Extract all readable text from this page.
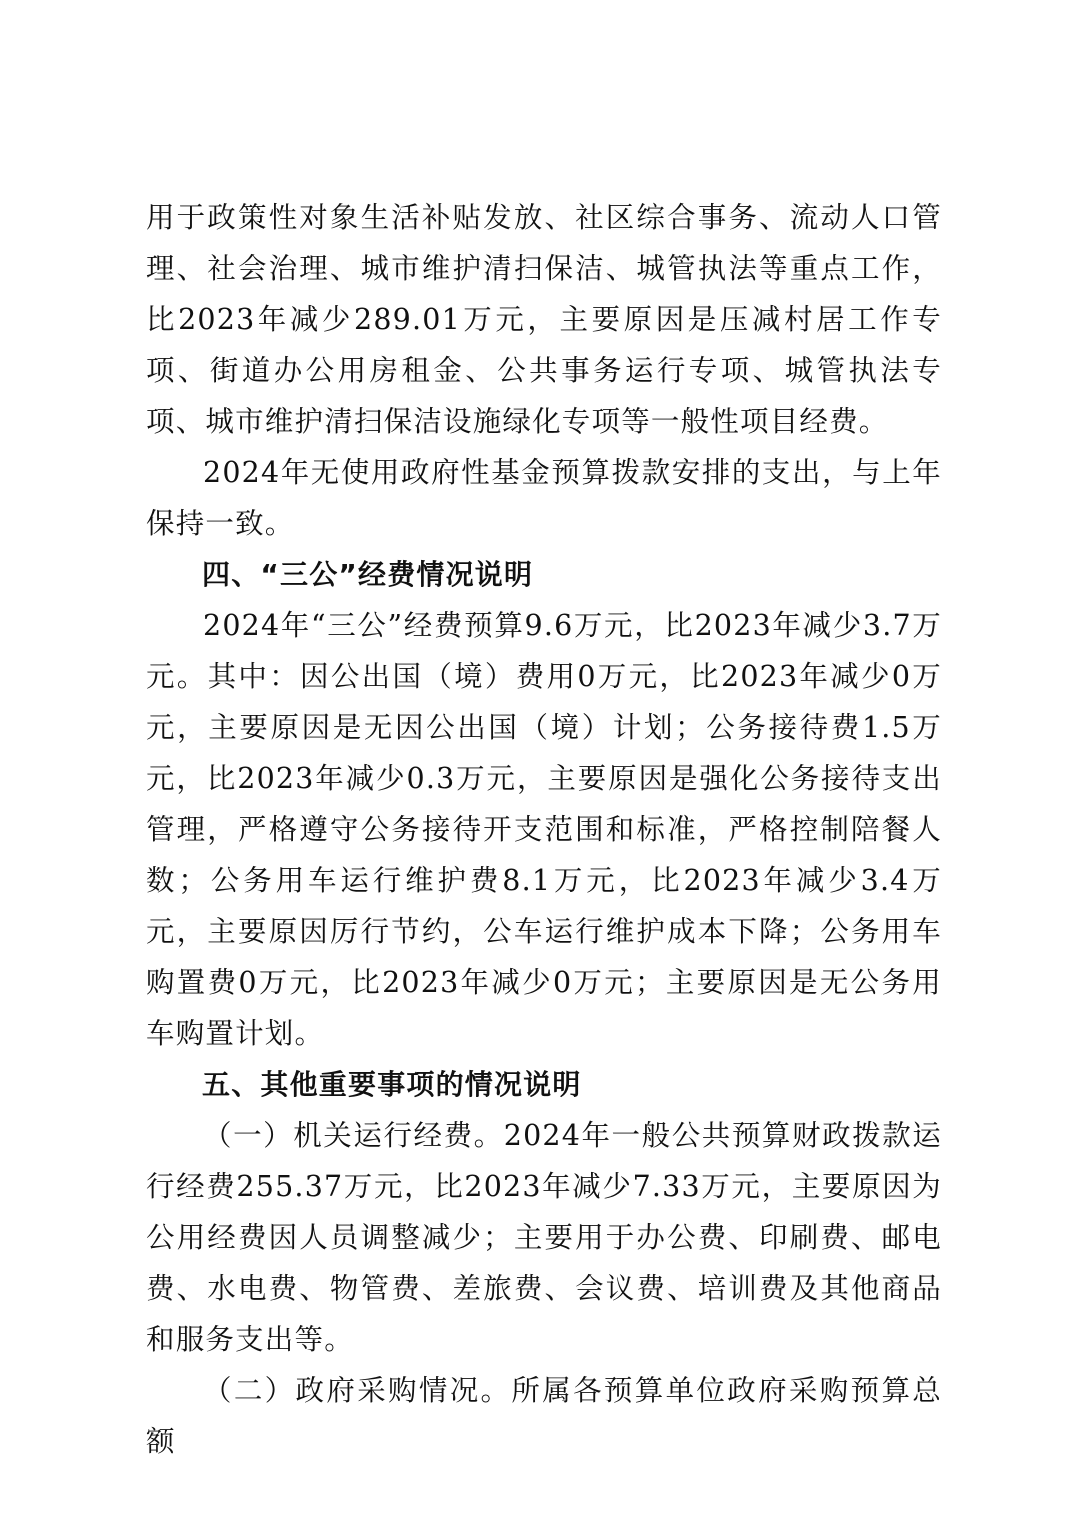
用于政策性对象生活补贴发放、社区综合事务、流动人口管理、社会治理、城市维护清扫保洁、城管执法等重点工作，比2023年减少289.01万元，主要原因是压减村居工作专项、街道办公用房租金、公共事务运行专项、城管执法专项、城市维护清扫保洁设施绿化专项等一般性项目经费。

2024年无使用政府性基金预算拨款安排的支出，与上年保持一致。

四、“三公”经费情况说明

2024年“三公”经费预算9.6万元，比2023年减少3.7万元。其中：因公出国（境）费用0万元，比2023年减少0万元，主要原因是无因公出国（境）计划；公务接待费1.5万元，比2023年减少0.3万元，主要原因是强化公务接待支出管理，严格遵守公务接待开支范围和标准，严格控制陪餐人数；公务用车运行维护费8.1万元，比2023年减少3.4万元，主要原因厉行节约，公车运行维护成本下降；公务用车购置费0万元，比2023年减少0万元；主要原因是无公务用车购置计划。

五、其他重要事项的情况说明

（一）机关运行经费。2024年一般公共预算财政拨款运行经费255.37万元，比2023年减少7.33万元，主要原因为公用经费因人员调整减少；主要用于办公费、印刷费、邮电费、水电费、物管费、差旅费、会议费、培训费及其他商品和服务支出等。

（二）政府采购情况。所属各预算单位政府采购预算总额
